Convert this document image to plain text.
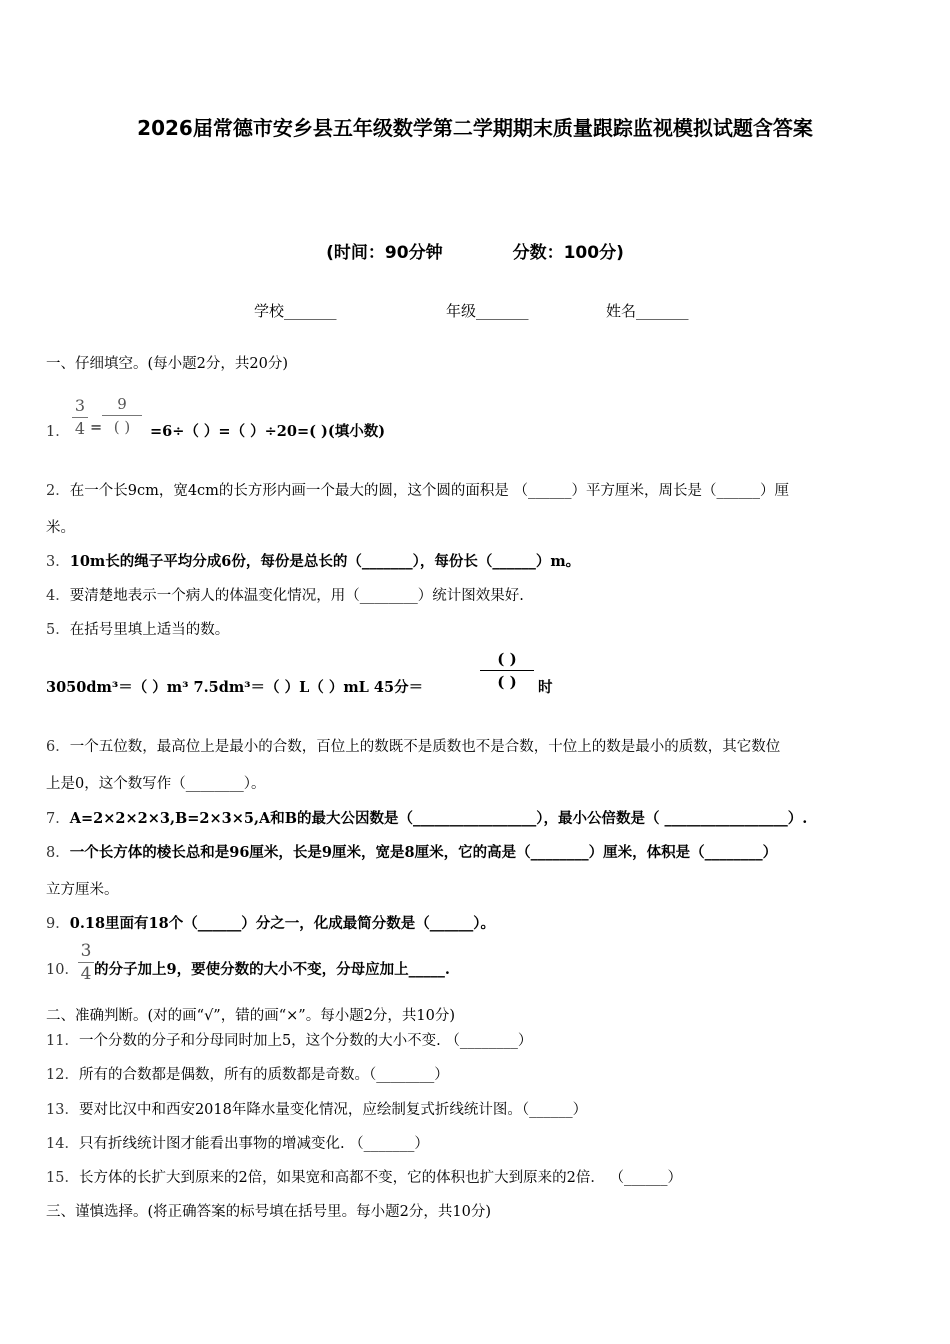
2026届常德市安乡县五年级数学第二学期期末质量跟踪监视模拟试题含答案
(时间：90分钟	分数：100分)
学校_______	年级_______	姓名_______
一、仔细填空。(每小题2分，共20分)
1．
3
4 =
9
( )	=6÷（ ）=（ ）÷20=( )(填小数)
2．在一个长9cm，宽4cm的长方形内画一个最大的圆，这个圆的面积是 （______）平方厘米，周长是（______）厘
米。
3．10m长的绳子平均分成6份，每份是总长的（_______），每份长（______）m。
4．要清楚地表示一个病人的体温变化情况，用（________）统计图效果好.
5．在括号里填上适当的数。
3050dm³＝（ ）m³ 7.5dm³＝（ ）L（ ）mL 45分＝
( )
( )	时
6．一个五位数，最高位上是最小的合数，百位上的数既不是质数也不是合数，十位上的数是最小的质数，其它数位
上是0，这个数写作（________）。
7．A=2×2×2×3,B=2×3×5,A和B的最大公因数是（_________________），最小公倍数是（ _________________）.
8．一个长方体的棱长总和是96厘米，长是9厘米，宽是8厘米，它的高是（________）厘米，体积是（________）
立方厘米。
9．0.18里面有18个（______）分之一，化成最简分数是（______）。
10．
3
4 的分子加上9，要使分数的大小不变，分母应加上_____.
二、准确判断。(对的画“√”，错的画“×”。每小题2分，共10分)
11．一个分数的分子和分母同时加上5，这个分数的大小不变. （________）
12．所有的合数都是偶数，所有的质数都是奇数。（________）
13．要对比汉中和西安2018年降水量变化情况，应绘制复式折线统计图。（______）
14．只有折线统计图才能看出事物的增减变化. （_______）
15．长方体的长扩大到原来的2倍，如果宽和高都不变，它的体积也扩大到原来的2倍． （______）
三、谨慎选择。(将正确答案的标号填在括号里。每小题2分，共10分)
